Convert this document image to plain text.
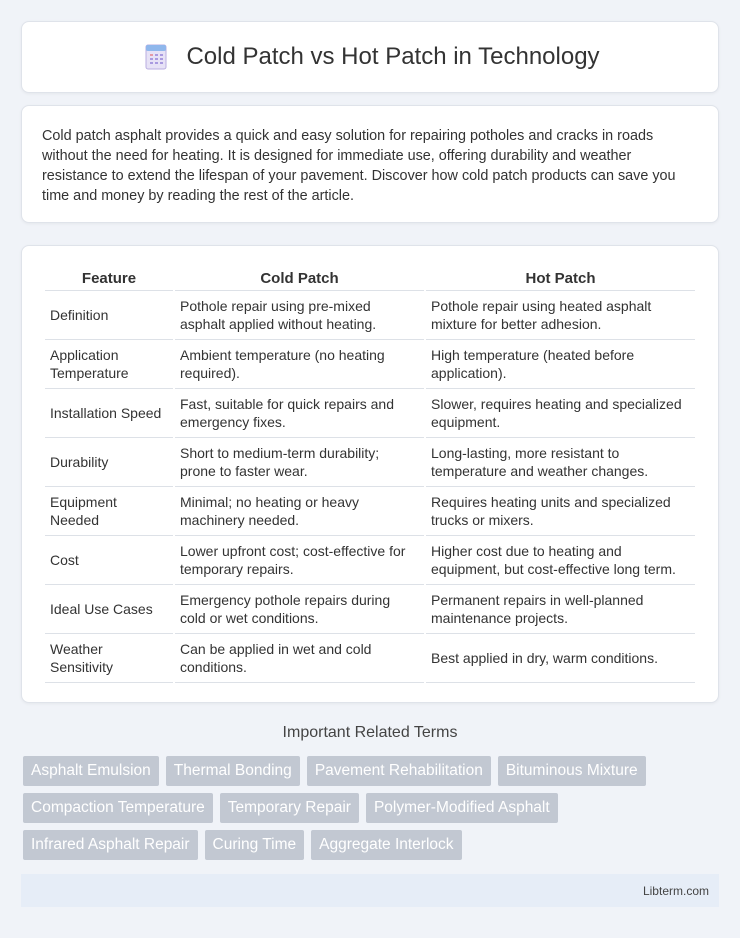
Cold Patch vs Hot Patch in Technology

Cold patch asphalt provides a quick and easy solution for repairing potholes and cracks in roads without the need for heating. It is designed for immediate use, offering durability and weather resistance to extend the lifespan of your pavement. Discover how cold patch products can save you time and money by reading the rest of the article.

Feature	Cold Patch	Hot Patch
Definition	Pothole repair using pre-mixed asphalt applied without heating.	Pothole repair using heated asphalt mixture for better adhesion.
Application Temperature	Ambient temperature (no heating required).	High temperature (heated before application).
Installation Speed	Fast, suitable for quick repairs and emergency fixes.	Slower, requires heating and specialized equipment.
Durability	Short to medium-term durability; prone to faster wear.	Long-lasting, more resistant to temperature and weather changes.
Equipment Needed	Minimal; no heating or heavy machinery needed.	Requires heating units and specialized trucks or mixers.
Cost	Lower upfront cost; cost-effective for temporary repairs.	Higher cost due to heating and equipment, but cost-effective long term.
Ideal Use Cases	Emergency pothole repairs during cold or wet conditions.	Permanent repairs in well-planned maintenance projects.
Weather Sensitivity	Can be applied in wet and cold conditions.	Best applied in dry, warm conditions.
Important Related Terms
Asphalt Emulsion	Thermal Bonding	Pavement Rehabilitation	Bituminous Mixture
Compaction Temperature	Temporary Repair	Polymer-Modified Asphalt
Infrared Asphalt Repair	Curing Time	Aggregate Interlock
Libterm.com
